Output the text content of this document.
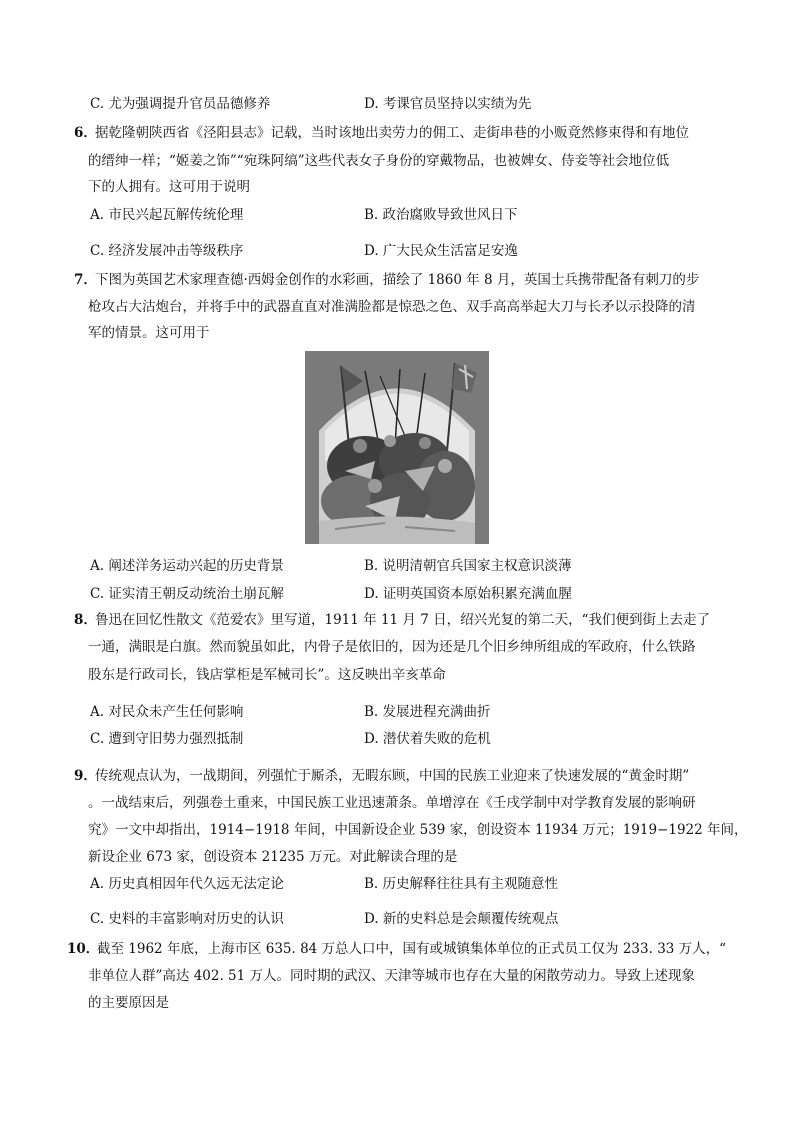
C. 尤为强调提升官员品德修养	D. 考课官员坚持以实绩为先
6．
据乾隆朝陕西省《泾阳县志》记载，当时该地出卖劳力的佣工、走街串巷的小贩竟然修束得和有地位
的缙绅一样；“姬姜之饰”“宛珠阿缟”这些代表女子身份的穿戴物品，也被婢女、侍妾等社会地位低
下的人拥有。这可用于说明
A. 市民兴起瓦解传统伦理	B. 政治腐败导致世风日下
C. 经济发展冲击等级秩序	D. 广大民众生活富足安逸
7．
下图为英国艺术家理查德·西姆金创作的水彩画，描绘了 1860 年 8 月，英国士兵携带配备有刺刀的步
枪攻占大沽炮台，并将手中的武器直直对准满脸都是惊恐之色、双手高高举起大刀与长矛以示投降的清
军的情景。这可用于
A. 阐述洋务运动兴起的历史背景	B. 说明清朝官兵国家主权意识淡薄
C. 证实清王朝反动统治土崩瓦解	D. 证明英国资本原始积累充满血腥
8．
鲁迅在回忆性散文《范爱农》里写道，1911 年 11 月 7 日，绍兴光复的第二天，“我们便到街上去走了
一通，满眼是白旗。然而貌虽如此，内骨子是依旧的，因为还是几个旧乡绅所组成的军政府，什么铁路
股东是行政司长，钱店掌柜是军械司长”。这反映出辛亥革命
A. 对民众未产生任何影响	B. 发展进程充满曲折
C. 遭到守旧势力强烈抵制	D. 潜伏着失败的危机
9．
传统观点认为，一战期间，列强忙于厮杀，无暇东顾，中国的民族工业迎来了快速发展的“黄金时期”
。一战结束后，列强卷土重来，中国民族工业迅速萧条。单增淳在《壬戌学制中对学教育发展的影响研
究》一文中却指出，1914−1918 年间，中国新设企业 539 家，创设资本 11934 万元；1919−1922 年间，
新设企业 673 家，创设资本 21235 万元。对此解读合理的是
A. 历史真相因年代久远无法定论	B. 历史解释往往具有主观随意性
C. 史料的丰富影响对历史的认识	D. 新的史料总是会颠覆传统观点
10．
截至 1962 年底，上海市区 635. 84 万总人口中，国有或城镇集体单位的正式员工仅为 233. 33 万人，“
非单位人群”高达 402. 51 万人。同时期的武汉、天津等城市也存在大量的闲散劳动力。导致上述现象
的主要原因是
